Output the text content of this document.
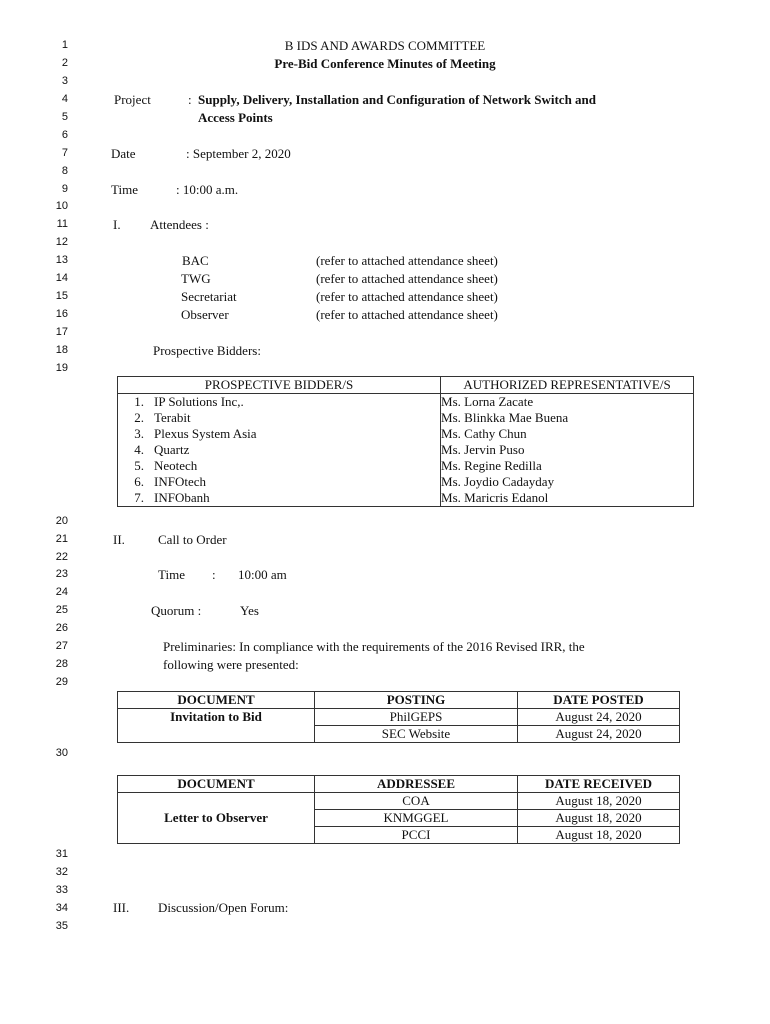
1
2
3
4
5
6
7
8
9
10
11
12
13
14
15
16
17
18
19
20
21
22
23
24
25
26
27
28
29
30
31
32
33
34
35
B IDS AND AWARDS COMMITTEE
Pre-Bid Conference Minutes of Meeting
Project	: Supply, Delivery, Installation and Configuration of Network Switch and
Access Points
Date	: September 2, 2020
Time	: 10:00 a.m.
I. Attendees :
BAC	(refer to attached attendance sheet)
TWG	(refer to attached attendance sheet)
Secretariat	(refer to attached attendance sheet)
Observer	(refer to attached attendance sheet)
Prospective Bidders:
PROSPECTIVE BIDDER/S		AUTHORIZED REPRESENTATIVE/S
1.	IP Solutions Inc,.	Ms. Lorna Zacate
2.	Terabit	Ms. Blinkka Mae Buena
3.	Plexus System Asia	Ms. Cathy Chun
4.	Quartz	Ms. Jervin Puso
5.	Neotech	Ms. Regine Redilla
6.	INFOtech	Ms. Joydio Cadayday
7.	INFObanh	Ms. Maricris Edanol
II.	Call to Order
Time : 10:00 am
Quorum :	Yes
Preliminaries: In compliance with the requirements of the 2016 Revised IRR, the
following were presented:
DOCUMENT	POSTING	DATE POSTED
Invitation to Bid	PhilGEPS	August 24, 2020
	SEC Website	August 24, 2020
DOCUMENT	ADDRESSEE	DATE RECEIVED
Letter to Observer	COA	August 18, 2020
	KNMGGEL	August 18, 2020
	PCCI	August 18, 2020
III. Discussion/Open Forum:
